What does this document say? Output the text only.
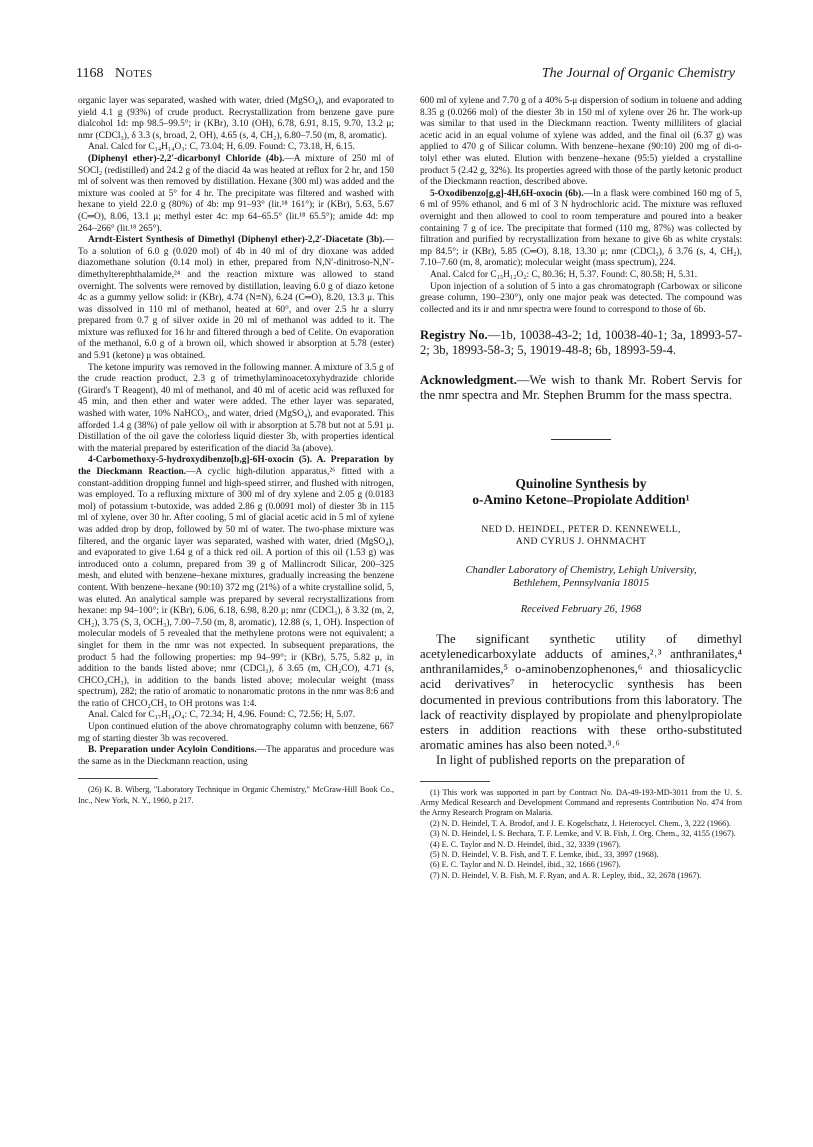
1168 Notes	The Journal of Organic Chemistry

organic layer was separated, washed with water, dried (MgSO₄), and evaporated to yield 4.1 g (93%) of crude product. Recrystallization from benzene gave pure dialcohol 1d: mp 98.5–99.5°; ir (KBr), 3.10 (OH), 6.78, 6.91, 8.15, 9.70, 13.2 μ; nmr (CDCl₃), δ 3.3 (s, broad, 2, OH), 4.65 (s, 4, CH₂), 6.80–7.50 (m, 8, aromatic).

Anal. Calcd for C₁₄H₁₄O₃: C, 73.04; H, 6.09. Found: C, 73.18, H, 6.15.

(Diphenyl ether)-2,2′-dicarbonyl Chloride (4b).—A mixture of 250 ml of SOCl₂ (redistilled) and 24.2 g of the diacid 4a was heated at reflux for 2 hr, and 150 ml of solvent was then removed by distillation. Hexane (300 ml) was added and the mixture was cooled at 5° for 4 hr. The precipitate was filtered and washed with hexane to yield 22.0 g (80%) of 4b: mp 91–93° (lit.¹⁸ 161°); ir (KBr), 5.63, 5.67 (C═O), 8.06, 13.1 μ; methyl ester 4c: mp 64–65.5° (lit.¹⁸ 65.5°); amide 4d: mp 264–266° (lit.¹⁸ 265°).

Arndt-Eistert Synthesis of Dimethyl (Diphenyl ether)-2,2′-Diacetate (3b).—To a solution of 6.0 g (0.020 mol) of 4b in 40 ml of dry dioxane was added diazomethane solution (0.14 mol) in ether, prepared from N,N′-dinitroso-N,N′-dimethylterephthalamide,²⁴ and the reaction mixture was allowed to stand overnight. The solvents were removed by distillation, leaving 6.0 g of diazo ketone 4c as a gummy yellow solid: ir (KBr), 4.74 (N≡N), 6.24 (C═O), 8.20, 13.3 μ. This was dissolved in 110 ml of methanol, heated at 60°, and over 2.5 hr a slurry prepared from 0.7 g of silver oxide in 20 ml of methanol was added to it. The mixture was refluxed for 16 hr and filtered through a bed of Celite. On evaporation of the methanol, 6.0 g of a brown oil, which showed ir absorption at 5.78 (ester) and 5.91 (ketone) μ was obtained.

The ketone impurity was removed in the following manner. A mixture of 3.5 g of the crude reaction product, 2.3 g of trimethylaminoacetoxyhydrazide chloride (Girard's T Reagent), 40 ml of methanol, and 40 ml of acetic acid was refluxed for 45 min, and then ether and water were added. The ether layer was separated, washed with water, 10% NaHCO₃, and water, dried (MgSO₄), and evaporated. This afforded 1.4 g (38%) of pale yellow oil with ir absorption at 5.78 but not at 5.91 μ. Distillation of the oil gave the colorless liquid diester 3b, with properties identical with the material prepared by esterification of the diacid 3a (above).

4-Carbomethoxy-5-hydroxydibenzo[b,g]-6H-oxocin (5). A. Preparation by the Dieckmann Reaction.—A cyclic high-dilution apparatus,²⁶ fitted with a constant-addition dropping funnel and high-speed stirrer, and flushed with nitrogen, was employed. To a refluxing mixture of 300 ml of dry xylene and 2.05 g (0.0183 mol) of potassium t-butoxide, was added 2.86 g (0.0091 mol) of diester 3b in 115 ml of xylene, over 30 hr. After cooling, 5 ml of glacial acetic acid in 5 ml of xylene was added drop by drop, followed by 50 ml of water. The two-phase mixture was filtered, and the organic layer was separated, washed with water, dried (MgSO₄), and evaporated to give 1.64 g of a thick red oil. A portion of this oil (1.53 g) was introduced onto a column, prepared from 39 g of Mallincrodt Silicar, 200–325 mesh, and eluted with benzene–hexane mixtures, gradually increasing the benzene content. With benzene–hexane (90:10) 372 mg (21%) of a white crystalline solid, 5, was eluted. An analytical sample was prepared by several recrystallizations from hexane: mp 94–100°; ir (KBr), 6.06, 6.18, 6.98, 8.20 μ; nmr (CDCl₃), δ 3.32 (m, 2, CH₂), 3.75 (S, 3, OCH₃), 7.00–7.50 (m, 8, aromatic), 12.88 (s, 1, OH). Inspection of molecular models of 5 revealed that the methylene protons were not equivalent; a singlet for them in the nmr was not expected. In subsequent preparations, the product 5 had the following properties: mp 94–99°; ir (KBr), 5.75, 5.82 μ, in addition to the bands listed above; nmr (CDCl₃), δ 3.65 (m, CH₂CO), 4.71 (s, CHCO₂CH₃), in addition to the bands listed above; molecular weight (mass spectrum), 282; the ratio of aromatic to nonaromatic protons in the nmr was 8:6 and the ratio of CHCO₂CH₃ to OH protons was 1:4.

Anal. Calcd for C₁₇H₁₄O₄: C, 72.34; H, 4.96. Found: C, 72.56; H, 5.07.

Upon continued elution of the above chromatography column with benzene, 667 mg of starting diester 3b was recovered.

B. Preparation under Acyloin Conditions.—The apparatus and procedure was the same as in the Dieckmann reaction, using

(26) K. B. Wiberg, "Laboratory Technique in Organic Chemistry," McGraw-Hill Book Co., Inc., New York, N. Y., 1960, p 217.

600 ml of xylene and 7.70 g of a 40% 5-μ dispersion of sodium in toluene and adding 8.35 g (0.0266 mol) of the diester 3b in 150 ml of xylene over 26 hr. The work-up was similar to that used in the Dieckmann reaction. Twenty milliliters of glacial acetic acid in an equal volume of xylene was added, and the final oil (6.37 g) was applied to 470 g of Silicar column. With benzene–hexane (90:10) 200 mg of di-o-tolyl ether was eluted. Elution with benzene–hexane (95:5) yielded a crystalline product 5 (2.42 g, 32%). Its properties agreed with those of the partly ketonic product of the Dieckmann reaction, described above.

5-Oxodibenzo[g,g]-4H,6H-oxocin (6b).—In a flask were combined 160 mg of 5, 6 ml of 95% ethanol, and 6 ml of 3 N hydrochloric acid. The mixture was refluxed overnight and then allowed to cool to room temperature and poured into a beaker containing 7 g of ice. The precipitate that formed (110 mg, 87%) was collected by filtration and purified by recrystallization from hexane to give 6b as white crystals: mp 84.5°; ir (KBr), 5.85 (C═O), 8.18, 13.30 μ; nmr (CDCl₃), δ 3.76 (s, 4, CH₂), 7.10–7.60 (m, 8, aromatic); molecular weight (mass spectrum), 224.

Anal. Calcd for C₁₅H₁₂O₂: C, 80.36; H, 5.37. Found: C, 80.58; H, 5.31.

Upon injection of a solution of 5 into a gas chromatograph (Carbowax or silicone grease column, 190–230°), only one major peak was detected. The compound was collected and its ir and nmr spectra were found to correspond to those of 6b.

Registry No.—1b, 10038-43-2; 1d, 10038-40-1; 3a, 18993-57-2; 3b, 18993-58-3; 5, 19019-48-8; 6b, 18993-59-4.

Acknowledgment.—We wish to thank Mr. Robert Servis for the nmr spectra and Mr. Stephen Brumm for the mass spectra.

Quinoline Synthesis by
o-Amino Ketone–Propiolate Addition¹
NED D. HEINDEL, PETER D. KENNEWELL,
AND CYRUS J. OHNMACHT
Chandler Laboratory of Chemistry, Lehigh University,
Bethlehem, Pennsylvania 18015
Received February 26, 1968

The significant synthetic utility of dimethyl acetylenedicarboxylate adducts of amines,²˒³ anthranilates,⁴ anthranilamides,⁵ o-aminobenzophenones,⁶ and thiosalicyclic acid derivatives⁷ in heterocyclic synthesis has been documented in previous contributions from this laboratory. The lack of reactivity displayed by propiolate and phenylpropiolate esters in addition reactions with these ortho-substituted aromatic amines has also been noted.³˒⁶

In light of published reports on the preparation of

(1) This work was supported in part by Contract No. DA-49-193-MD-3011 from the U. S. Army Medical Research and Development Command and represents Contribution No. 474 from the Army Research Program on Malaria.

(2) N. D. Heindel, T. A. Brodof, and J. E. Kogelschatz, J. Heterocycl. Chem., 3, 222 (1966).

(3) N. D. Heindel, I. S. Bechara, T. F. Lemke, and V. B. Fish, J. Org. Chem., 32, 4155 (1967).

(4) E. C. Taylor and N. D. Heindel, ibid., 32, 3339 (1967).

(5) N. D. Heindel, V. B. Fish, and T. F. Lemke, ibid., 33, 3997 (1968).

(6) E. C. Taylor and N. D. Heindel, ibid., 32, 1666 (1967).

(7) N. D. Heindel, V. B. Fish, M. F. Ryan, and A. R. Lepley, ibid., 32, 2678 (1967).
